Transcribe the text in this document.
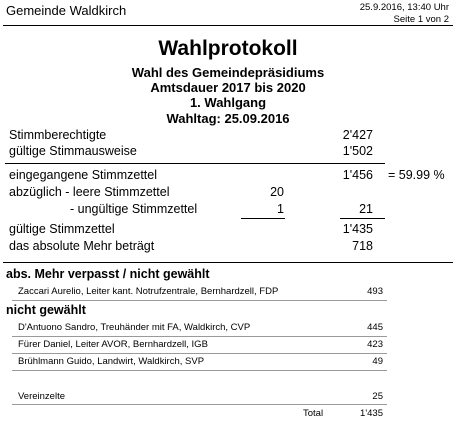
Gemeinde Waldkirch	25.9.2016, 13:40 Uhr
Seite 1 von 2
Wahlprotokoll
Wahl des Gemeindepräsidiums
Amtsdauer 2017 bis 2020
1. Wahlgang
Wahltag: 25.09.2016
Stimmberechtigte	2'427
gültige Stimmausweise	1'502
eingegangene Stimmzettel	1'456 = 59.99 %
abzüglich - leere Stimmzettel	20
- ungültige Stimmzettel	1	21
gültige Stimmzettel	1'435
das absolute Mehr beträgt	718
abs. Mehr verpasst / nicht gewählt
Zaccari Aurelio, Leiter kant. Notrufzentrale, Bernhardzell, FDP	493
nicht gewählt
D'Antuono Sandro, Treuhänder mit FA, Waldkirch, CVP	445
Fürer Daniel, Leiter AVOR, Bernhardzell, IGB	423
Brühlmann Guido, Landwirt, Waldkirch, SVP	49
Vereinzelte	25
Total	1'435
